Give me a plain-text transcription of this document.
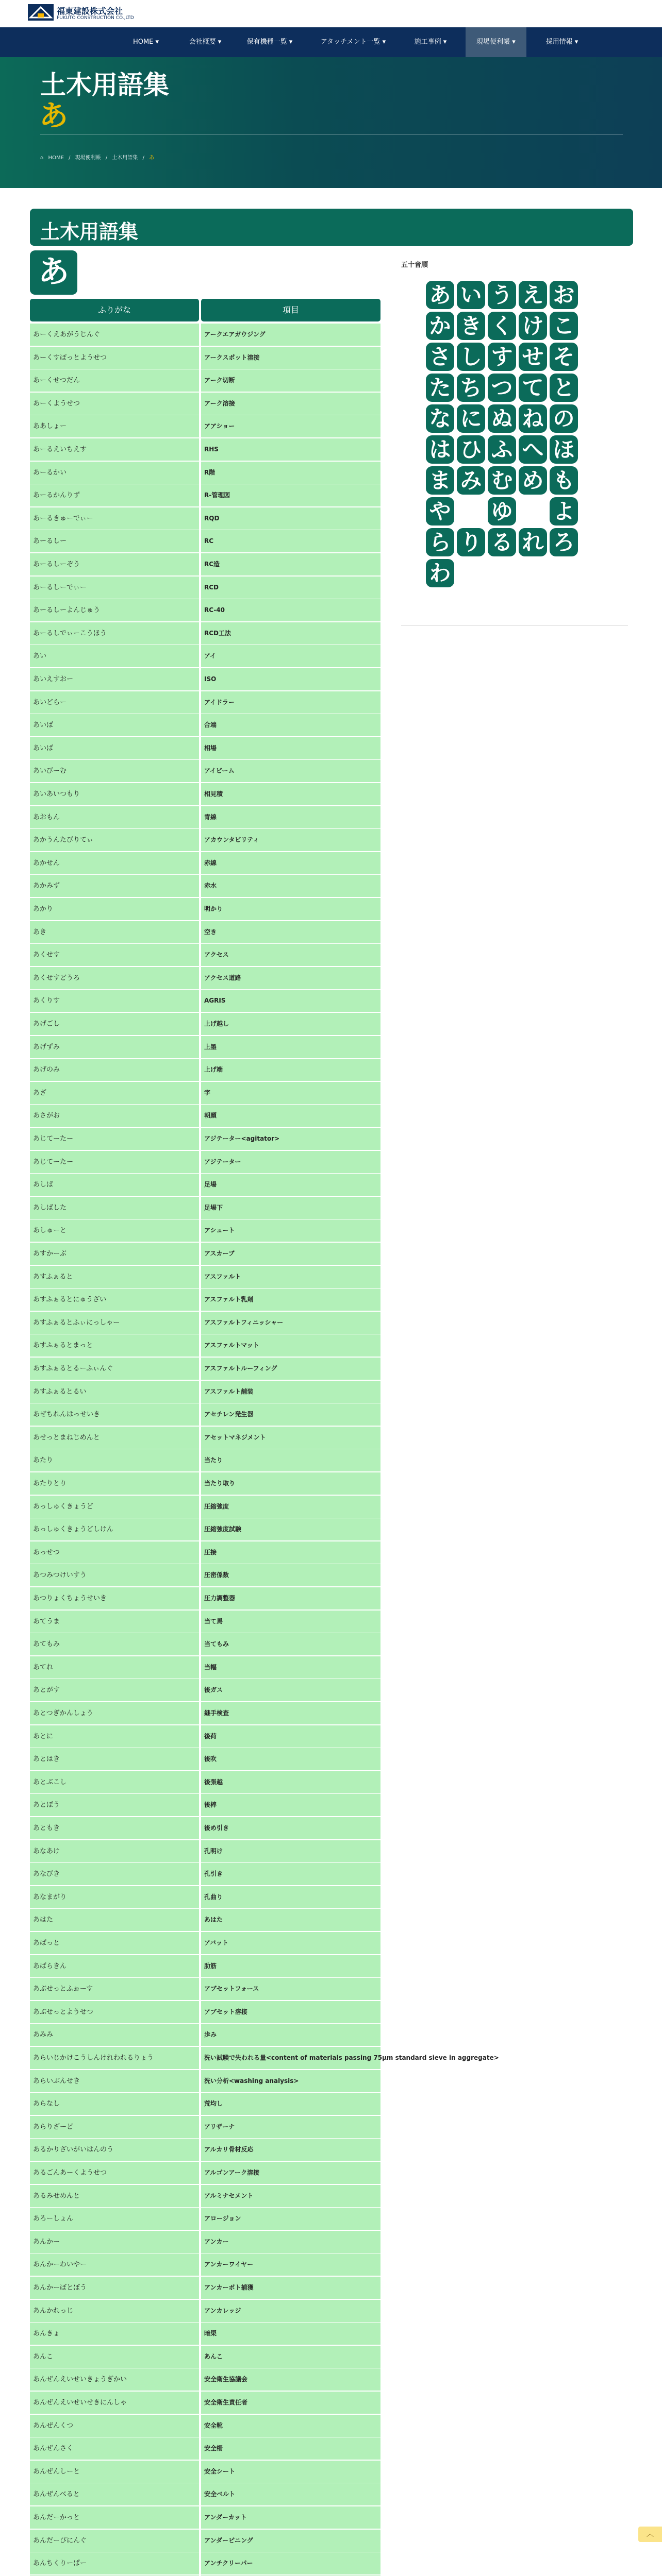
福東建設株式会社
FUKUTO CONSTRUCTION CO.,LTD
HOME ▾	会社概要 ▾	保有機種一覧 ▾	アタッチメント一覧 ▾	施工事例 ▾	現場便利帳 ▾	採用情報 ▾
土木用語集
あ
⌂ HOME / 現場便利帳 / 土木用語集 / あ
土木用語集
あ
ふりがな	項目
あーくえあがうじんぐ	アークエアガウジング
あーくすぽっとようせつ	アークスポット溶接
あーくせつだん	アーク切断
あーくようせつ	アーク溶接
ああしょー	アアショー
あーるえいちえす	RHS
あーるかい	R階
あーるかんりず	R-管理図
あーるきゅーでぃー	RQD
あーるしー	RC
あーるしーぞう	RC造
あーるしーでぃー	RCD
あーるしーよんじゅう	RC-40
あーるしでぃーこうほう	RCD工法
あい	アイ
あいえすおー	ISO
あいどらー	アイドラー
あいば	合端
あいば	相場
あいびーむ	アイビーム
あいあいつもり	相見積
あおもん	青線
あかうんたびりてぃ	アカウンタビリティ
あかせん	赤線
あかみず	赤水
あかり	明かり
あき	空き
あくせす	アクセス
あくせすどうろ	アクセス道路
あくりす	AGRIS
あげごし	上げ越し
あげずみ	上墨
あげのみ	上げ端
あざ	字
あさがお	朝顔
あじてーたー	アジテーター<agitator>
あじてーたー	アジテーター
あしば	足場
あしばした	足場下
あしゅーと	アシュート
あすかーぶ	アスカーブ
あすふぁると	アスファルト
あすふぁるとにゅうざい	アスファルト乳剤
あすふぁるとふぃにっしゃー	アスファルトフィニッシャー
あすふぁるとまっと	アスファルトマット
あすふぁるとるーふぃんぐ	アスファルトルーフィング
あすふぁるとるい	アスファルト舗装
あぜちれんはっせいき	アセチレン発生器
あせっとまねじめんと	アセットマネジメント
あたり	当たり
あたりとり	当たり取り
あっしゅくきょうど	圧縮強度
あっしゅくきょうどしけん	圧縮強度試験
あっせつ	圧接
あつみつけいすう	圧密係数
あつりょくちょうせいき	圧力調整器
あてうま	当て馬
あてもみ	当てもみ
あてれ	当幅
あとがす	後ガス
あとつぎかんしょう	継手検査
あとに	後荷
あとはき	後吹
あとぶこし	後張越
あとぼう	後棒
あともき	後め引き
あなあけ	孔明け
あなびき	孔引き
あなまがり	孔曲り
あはた	あはた
あぱっと	アバット
あばらきん	肋筋
あぶせっとふぉーす	アブセットフォース
あぶせっとようせつ	アブセット溶接
あみみ	歩み
あらいじかけこうしんけれわれるりょう	洗い試験で失われる量<content of materials passing 75μm standard sieve in aggregate>
あらいぶんせき	洗い分析<washing analysis>
あらなし	荒均し
あらりざーど	アリザーナ
あるかりざいがいはんのう	アルカリ骨材反応
あるごんあーくようせつ	アルゴンアーク溶接
あるみせめんと	アルミナセメント
あろーしょん	アロージョン
あんかー	アンカー
あんかーわいやー	アンカーワイヤー
あんかーぼとぼう	アンカーボト捕獲
あんかれっじ	アンカレッジ
あんきょ	暗渠
あんこ	あんこ
あんぜんえいせいきょうぎかい	安全衛生協議会
あんぜんえいせいせきにんしゃ	安全衛生責任者
あんぜんくつ	安全靴
あんぜんさく	安全柵
あんぜんしーと	安全シート
あんぜんべると	安全ベルト
あんだーかっと	アンダーカット
あんだーぴにんぐ	アンダーピニング
あんちくりーぱー	アンチクリーパー
五十音順
あ い う え お
か き く け こ
さ し す せ そ
た ち つ て と
な に ぬ ね の
は ひ ふ へ ほ
ま み む め も
や ゆ よ
ら り る れ ろ
わ
︿
